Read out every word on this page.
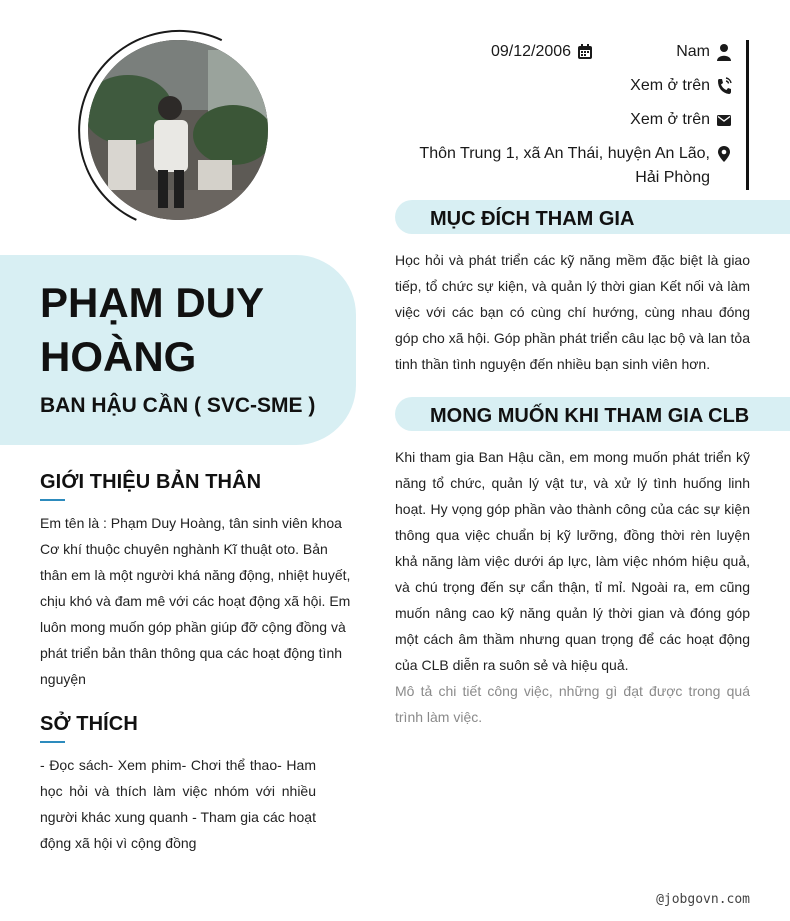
PHẠM DUY HOÀNG
BAN HẬU CẦN ( SVC-SME )
GIỚI THIỆU BẢN THÂN
Em tên là : Phạm Duy Hoàng, tân sinh viên khoa Cơ khí thuộc chuyên nghành Kĩ thuật oto. Bản thân em là một người khá năng động, nhiệt huyết, chịu khó và đam mê với các hoạt động xã hội. Em luôn mong muốn góp phần giúp đỡ cộng đồng và phát triển bản thân thông qua các hoạt động tình nguyện
SỞ THÍCH
- Đọc sách- Xem phim- Chơi thể thao- Ham học hỏi và thích làm việc nhóm với nhiều người khác xung quanh - Tham gia các hoạt động xã hội vì cộng đồng
09/12/2006	Nam
Xem ở trên
Xem ở trên
Thôn Trung 1, xã An Thái, huyện An Lão, Hải Phòng
MỤC ĐÍCH THAM GIA
Học hỏi và phát triển các kỹ năng mềm đặc biệt là giao tiếp, tổ chức sự kiện, và quản lý thời gian Kết nối và làm việc với các bạn có cùng chí hướng, cùng nhau đóng góp cho xã hội. Góp phần phát triển câu lạc bộ và lan tỏa tinh thần tình nguyện đến nhiều bạn sinh viên hơn.
MONG MUỐN KHI THAM GIA CLB
Khi tham gia Ban Hậu cần, em mong muốn phát triển kỹ năng tổ chức, quản lý vật tư, và xử lý tình huống linh hoạt. Hy vọng góp phần vào thành công của các sự kiện thông qua việc chuẩn bị kỹ lưỡng, đồng thời rèn luyện khả năng làm việc dưới áp lực, làm việc nhóm hiệu quả, và chú trọng đến sự cẩn thận, tỉ mỉ. Ngoài ra, em cũng muốn nâng cao kỹ năng quản lý thời gian và đóng góp một cách âm thầm nhưng quan trọng để các hoạt động của CLB diễn ra suôn sẻ và hiệu quả.
Mô tả chi tiết công việc, những gì đạt được trong quá trình làm việc.
@jobgovn.com
